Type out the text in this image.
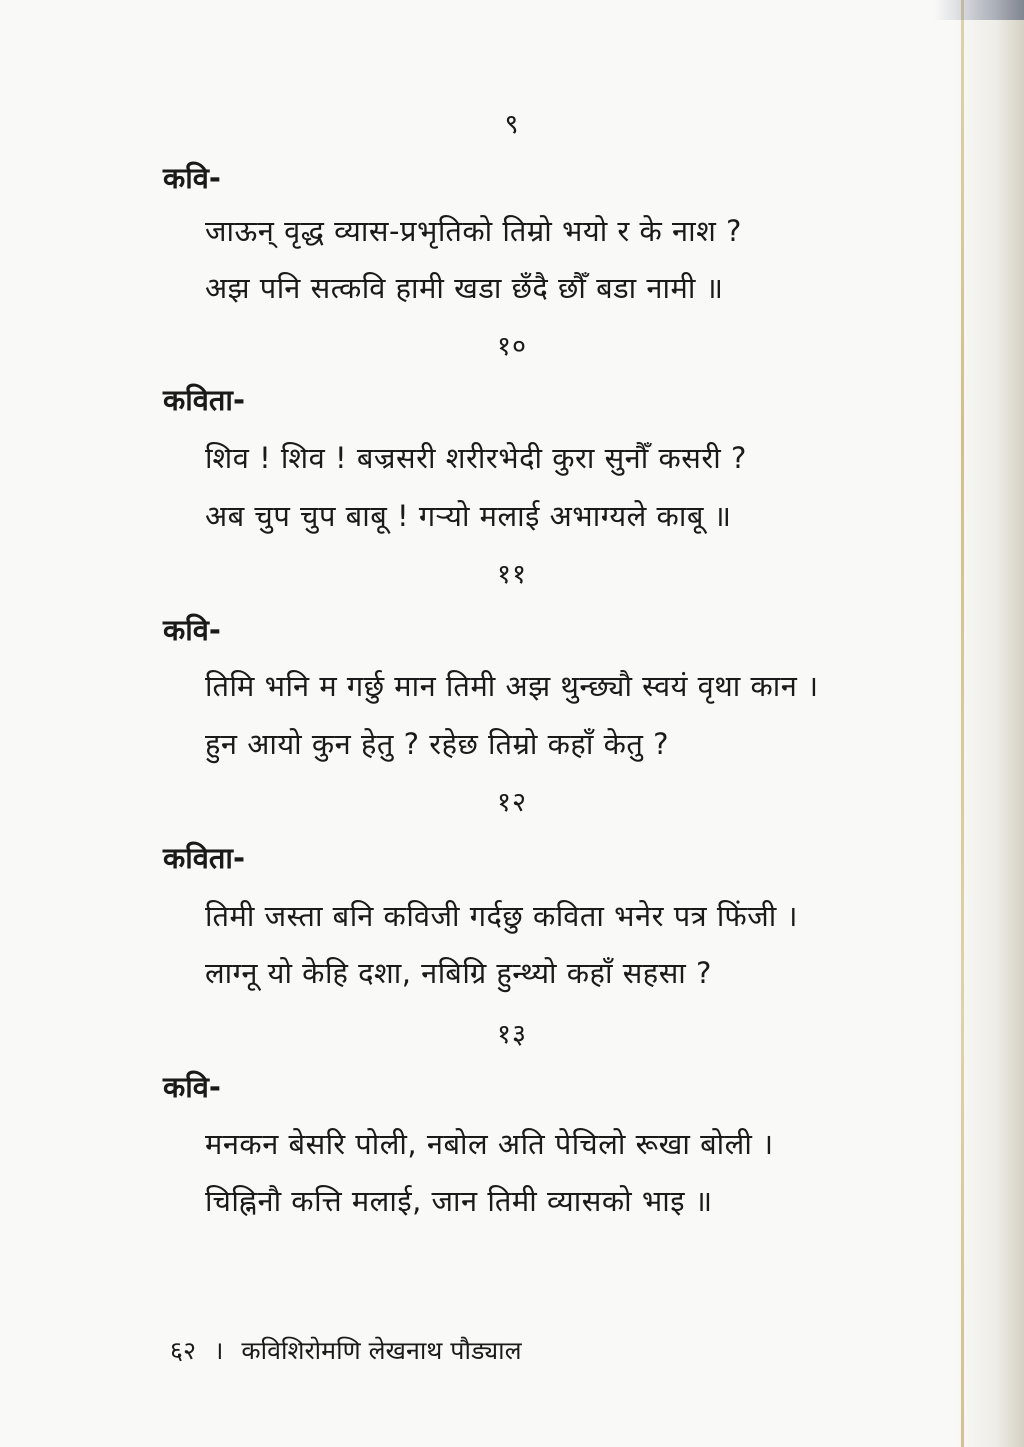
९
कवि-
जाऊन् वृद्ध व्यास-प्रभृतिको तिम्रो भयो र के नाश ?
अझ पनि सत्कवि हामी खडा छँदै छौँ बडा नामी ॥
१०
कविता-
शिव ! शिव ! बज्रसरी शरीरभेदी कुरा सुनौँ कसरी ?
अब चुप चुप बाबू ! गऱ्यो मलाई अभाग्यले काबू ॥
११
कवि-
तिमि भनि म गर्छु मान तिमी अझ थुन्छ्यौ स्वयं वृथा कान ।
हुन आयो कुन हेतु ? रहेछ तिम्रो कहाँ केतु ?
१२
कविता-
तिमी जस्ता बनि कविजी गर्दछु कविता भनेर पत्र फिंजी ।
लाग्नू यो केहि दशा, नबिग्रि हुन्थ्यो कहाँ सहसा ?
१३
कवि-
मनकन बेसरि पोली, नबोल अति पेचिलो रूखा बोली ।
चिह्निनौ कत्ति मलाई, जान तिमी व्यासको भाइ ॥
६२ । कविशिरोमणि लेखनाथ पौड्याल
